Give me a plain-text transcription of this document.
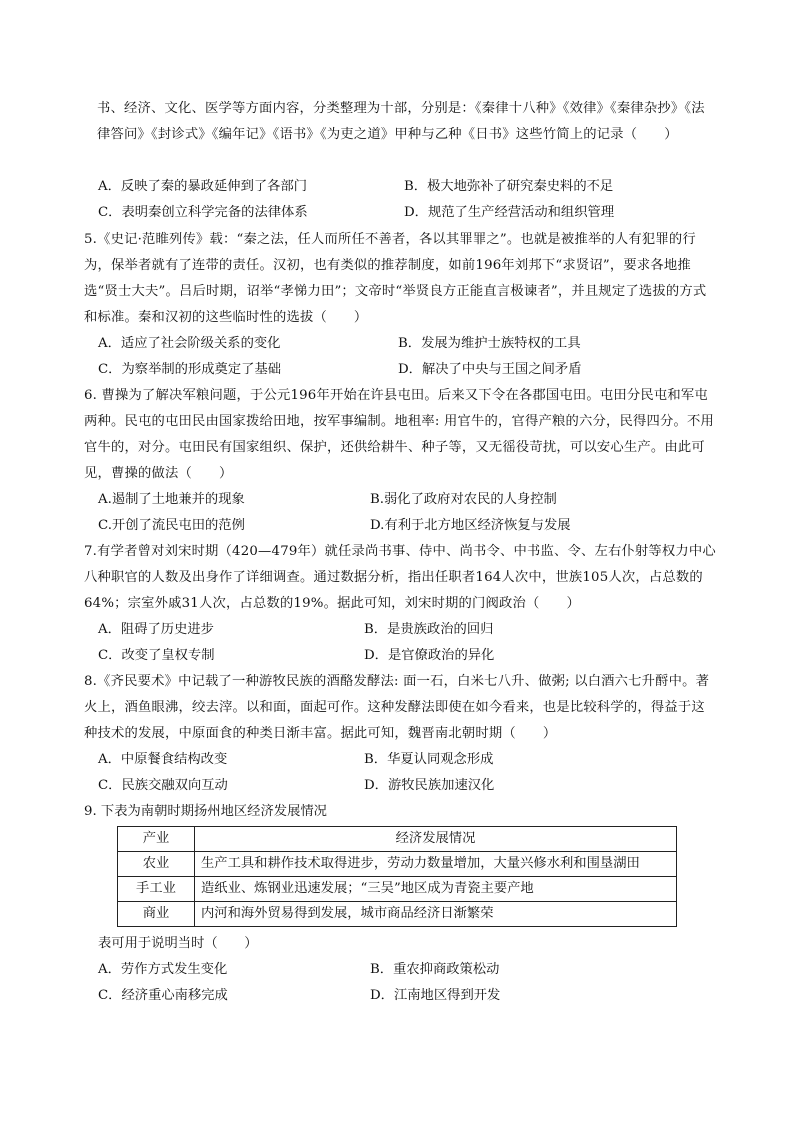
书、经济、文化、医学等方面内容，分类整理为十部，分别是：《秦律十八种》《效律》《秦律杂抄》《法律答问》《封诊式》《编年记》《语书》《为吏之道》甲种与乙种《日书》这些竹简上的记录（　　）
A．反映了秦的暴政延伸到了各部门	B．极大地弥补了研究秦史料的不足
C．表明秦创立科学完备的法律体系	D．规范了生产经营活动和组织管理
5.《史记·范睢列传》载：“秦之法，任人而所任不善者，各以其罪罪之”。也就是被推举的人有犯罪的行为，保举者就有了连带的责任。汉初，也有类似的推荐制度，如前196年刘邦下“求贤诏”，要求各地推选“贤士大夫”。吕后时期，诏举“孝悌力田”；文帝时“举贤良方正能直言极谏者”，并且规定了选拔的方式和标准。秦和汉初的这些临时性的选拔（　　）
A．适应了社会阶级关系的变化	B．发展为维护士族特权的工具
C．为察举制的形成奠定了基础	D．解决了中央与王国之间矛盾
6. 曹操为了解决军粮问题，于公元196年开始在许县屯田。后来又下令在各郡国屯田。屯田分民屯和军屯两种。民屯的屯田民由国家拨给田地，按军事编制。地租率: 用官牛的，官得产粮的六分，民得四分。不用官牛的，对分。屯田民有国家组织、保护，还供给耕牛、种子等，又无徭役苛扰，可以安心生产。由此可见，曹操的做法（　　）
A.遏制了土地兼并的现象	B.弱化了政府对农民的人身控制
C.开创了流民屯田的范例	D.有利于北方地区经济恢复与发展
7.有学者曾对刘宋时期（420—479年）就任录尚书事、侍中、尚书令、中书监、令、左右仆射等权力中心八种职官的人数及出身作了详细调查。通过数据分析，指出任职者164人次中，世族105人次，占总数的64%；宗室外戚31人次，占总数的19%。据此可知，刘宋时期的门阀政治（　　）
A．阻碍了历史进步	B．是贵族政治的回归
C．改变了皇权专制	D．是官僚政治的异化
8.《齐民要术》中记载了一种游牧民族的酒酪发酵法: 面一石，白米七八升、做粥; 以白酒六七升酹中。著火上，酒鱼眼沸，绞去滓。以和面，面起可作。这种发酵法即使在如今看来，也是比较科学的，得益于这种技术的发展，中原面食的种类日渐丰富。据此可知，魏晋南北朝时期（　　）
A．中原餐食结构改变	B．华夏认同观念形成
C．民族交融双向互动	D．游牧民族加速汉化
9. 下表为南朝时期扬州地区经济发展情况
产业	经济发展情况
农业	生产工具和耕作技术取得进步，劳动力数量增加，大量兴修水利和围垦湖田
手工业	造纸业、炼钢业迅速发展；“三吴”地区成为青瓷主要产地
商业	内河和海外贸易得到发展，城市商品经济日渐繁荣
表可用于说明当时（　　）
A．劳作方式发生变化	B．重农抑商政策松动
C．经济重心南移完成	D．江南地区得到开发
